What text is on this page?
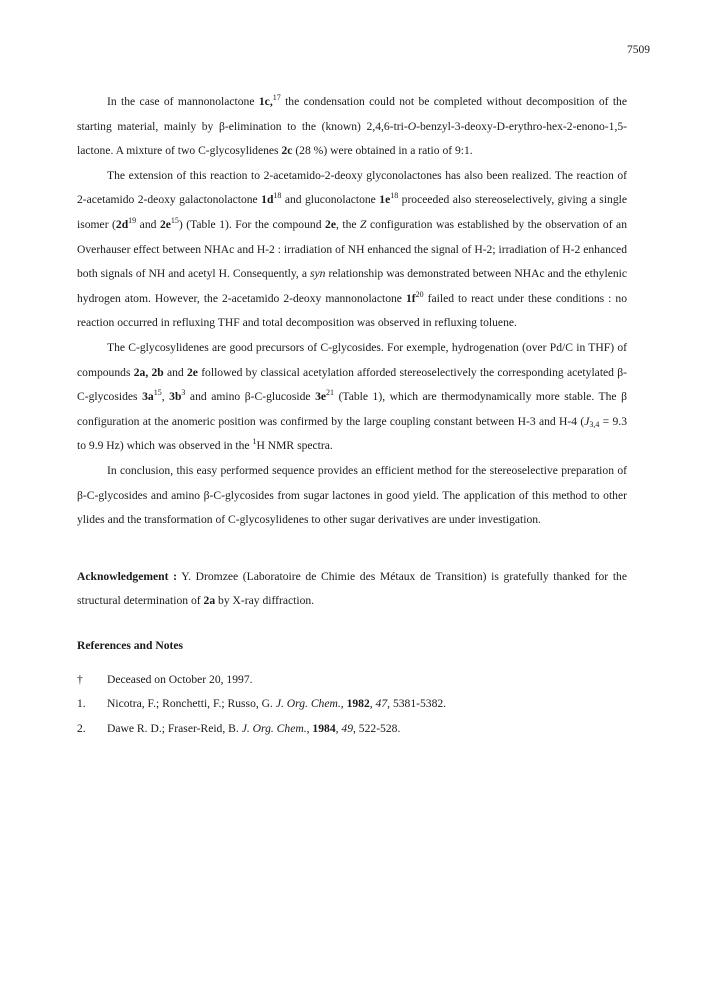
7509

In the case of mannonolactone 1c,$^{17}$ the condensation could not be completed without decomposition of the starting material, mainly by β-elimination to the (known) 2,4,6-tri-O-benzyl-3-deoxy-D-erythro-hex-2-enono-1,5-lactone. A mixture of two C-glycosylidenes 2c (28 %) were obtained in a ratio of 9:1.

The extension of this reaction to 2-acetamido-2-deoxy glyconolactones has also been realized. The reaction of 2-acetamido 2-deoxy galactonolactone $1d^{18}$ and gluconolactone $1e^{18}$ proceeded also stereoselectively, giving a single isomer ($2d^{19}$ and $2e^{15}$) (Table 1). For the compound 2e, the Z configuration was established by the observation of an Overhauser effect between NHAc and H-2 : irradiation of NH enhanced the signal of H-2; irradiation of H-2 enhanced both signals of NH and acetyl H. Consequently, a syn relationship was demonstrated between NHAc and the ethylenic hydrogen atom. However, the 2-acetamido 2-deoxy mannonolactone $1f^{20}$ failed to react under these conditions : no reaction occurred in refluxing THF and total decomposition was observed in refluxing toluene.

The C-glycosylidenes are good precursors of C-glycosides. For exemple, hydrogenation (over Pd/C in THF) of compounds 2a, 2b and 2e followed by classical acetylation afforded stereoselectively the corresponding acetylated β-C-glycosides $3a^{15}$, $3b^3$ and amino β-C-glucoside $3e^{21}$ (Table 1), which are thermodynamically more stable. The β configuration at the anomeric position was confirmed by the large coupling constant between H-3 and H-4 ($J_{3,4} = 9.3$ to 9.9 Hz) which was observed in the $^1$H NMR spectra.

In conclusion, this easy performed sequence provides an efficient method for the stereoselective preparation of β-C-glycosides and amino β-C-glycosides from sugar lactones in good yield. The application of this method to other ylides and the transformation of C-glycosylidenes to other sugar derivatives are under investigation.

Acknowledgement : Y. Dromzee (Laboratoire de Chimie des Métaux de Transition) is gratefully thanked for the structural determination of 2a by X-ray diffraction.

References and Notes
†	Deceased on October 20, 1997.
1.	Nicotra, F.; Ronchetti, F.; Russo, G. J. Org. Chem., 1982, 47, 5381-5382.
2.	Dawe R. D.; Fraser-Reid, B. J. Org. Chem., 1984, 49, 522-528.
